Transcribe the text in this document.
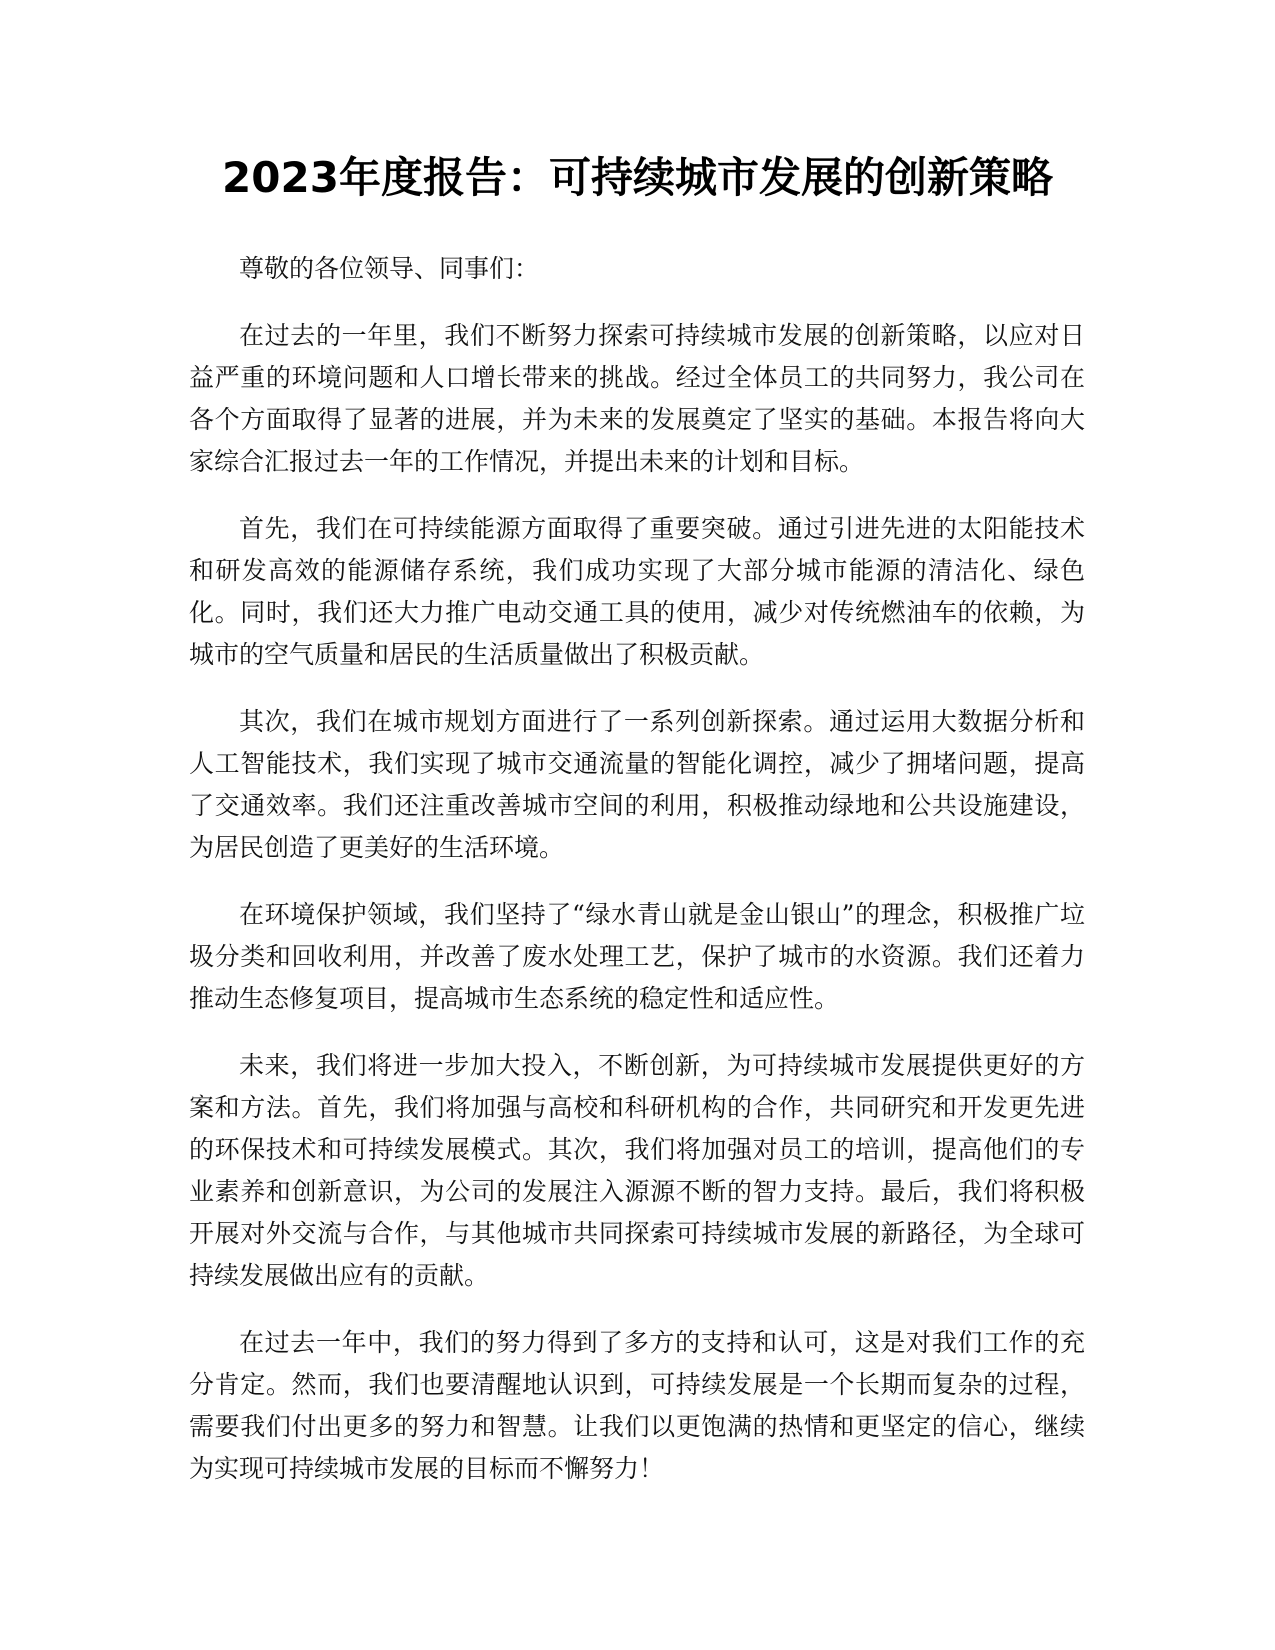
2023年度报告：可持续城市发展的创新策略

尊敬的各位领导、同事们：

在过去的一年里，我们不断努力探索可持续城市发展的创新策略，以应对日益严重的环境问题和人口增长带来的挑战。经过全体员工的共同努力，我公司在各个方面取得了显著的进展，并为未来的发展奠定了坚实的基础。本报告将向大家综合汇报过去一年的工作情况，并提出未来的计划和目标。

首先，我们在可持续能源方面取得了重要突破。通过引进先进的太阳能技术和研发高效的能源储存系统，我们成功实现了大部分城市能源的清洁化、绿色化。同时，我们还大力推广电动交通工具的使用，减少对传统燃油车的依赖，为城市的空气质量和居民的生活质量做出了积极贡献。

其次，我们在城市规划方面进行了一系列创新探索。通过运用大数据分析和人工智能技术，我们实现了城市交通流量的智能化调控，减少了拥堵问题，提高了交通效率。我们还注重改善城市空间的利用，积极推动绿地和公共设施建设，为居民创造了更美好的生活环境。

在环境保护领域，我们坚持了“绿水青山就是金山银山”的理念，积极推广垃圾分类和回收利用，并改善了废水处理工艺，保护了城市的水资源。我们还着力推动生态修复项目，提高城市生态系统的稳定性和适应性。

未来，我们将进一步加大投入，不断创新，为可持续城市发展提供更好的方案和方法。首先，我们将加强与高校和科研机构的合作，共同研究和开发更先进的环保技术和可持续发展模式。其次，我们将加强对员工的培训，提高他们的专业素养和创新意识，为公司的发展注入源源不断的智力支持。最后，我们将积极开展对外交流与合作，与其他城市共同探索可持续城市发展的新路径，为全球可持续发展做出应有的贡献。

在过去一年中，我们的努力得到了多方的支持和认可，这是对我们工作的充分肯定。然而，我们也要清醒地认识到，可持续发展是一个长期而复杂的过程，需要我们付出更多的努力和智慧。让我们以更饱满的热情和更坚定的信心，继续为实现可持续城市发展的目标而不懈努力！
